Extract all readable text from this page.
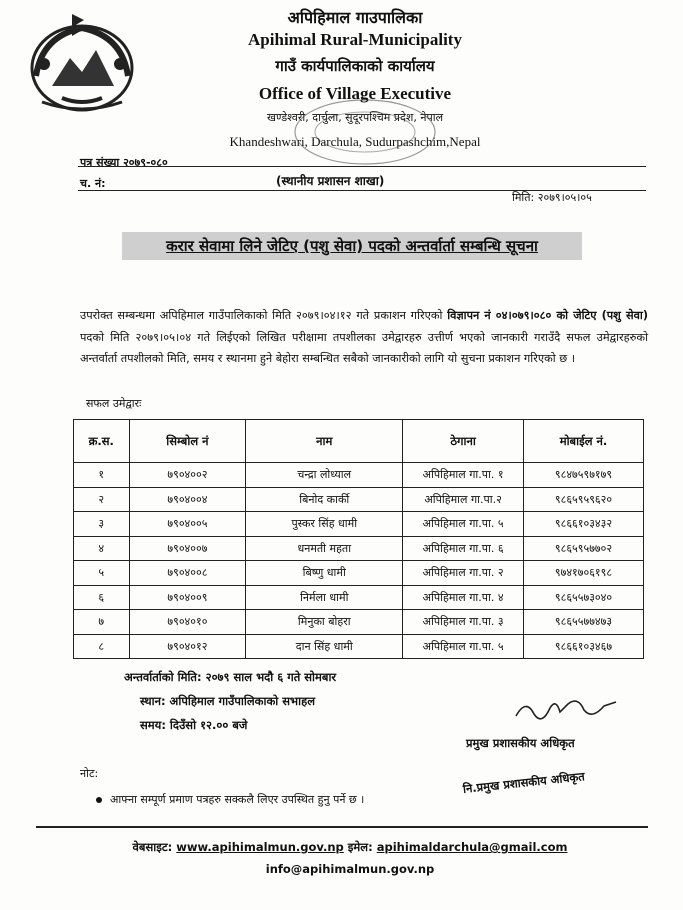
अपिहिमाल गाउपालिका
Apihimal Rural-Municipality
गाउँ कार्यपालिकाको कार्यालय
Office of Village Executive
खण्डेश्वरी, दार्चुला, सुदूरपश्चिम प्रदेश, नेपाल
Khandeshwari, Darchula, Sudurpashchim,Nepal
पत्र संख्या २०७९-०८०
च. नं:	(स्थानीय प्रशासन शाखा)
मिति: २०७९।०५।०५
करार सेवामा लिने जेटिए (पशु सेवा) पदको अन्तर्वार्ता सम्बन्धि सूचना
उपरोक्त सम्बन्धमा अपिहिमाल गाउँपालिकाको मिति २०७९।०४।१२ गते प्रकाशन गरिएको विज्ञापन नं ०४।०७९।०८० को जेटिए (पशु सेवा) पदको मिति २०७९।०५।०४ गते लिईएको लिखित परीक्षामा तपशीलका उमेद्वारहरु उत्तीर्ण भएको जानकारी गराउँदै सफल उमेद्वारहरुको अन्तर्वार्ता तपशीलको मिति, समय र स्थानमा हुने बेहोरा सम्बन्धित सबैको जानकारीको लागि यो सुचना प्रकाशन गरिएको छ ।
सफल उमेद्वारः
क्र.स.	सिम्बोल नं	नाम	ठेगाना	मोबाईल नं.
१	७९०४००२	चन्द्रा लोध्याल	अपिहिमाल गा.पा. १	९८४७५९७१७९
२	७९०४००४	बिनोद कार्की	अपिहिमाल गा.पा.२	९८६५९५९६२०
३	७९०४००५	पुस्कर सिंह धामी	अपिहिमाल गा.पा. ५	९८६६१०३४३२
४	७९०४००७	धनमती महता	अपिहिमाल गा.पा. ६	९८६५९५७७०२
५	७९०४००८	बिष्णु धामी	अपिहिमाल गा.पा. २	९७४१७०६१९८
६	७९०४००९	निर्मला धामी	अपिहिमाल गा.पा. ४	९८६५५७३०४०
७	७९०४०१०	मिनुका बोहरा	अपिहिमाल गा.पा. ३	९८६५५७७४७३
८	७९०४०१२	दान सिंह धामी	अपिहिमाल गा.पा. ५	९८६६१०३४६७
अन्तर्वार्ताको मिति: २०७९ साल भदौ ६ गते सोमबार
स्थान: अपिहिमाल गाउँपालिकाको सभाहल
समय: दिउँसो १२.०० बजे
प्रमुख प्रशासकीय अधिकृत
नोट:
आफ्ना सम्पूर्ण प्रमाण पत्रहरु सक्कलै लिएर उपस्थित हुनु पर्ने छ ।
नि.प्रमुख प्रशासकीय अधिकृत
वेबसाइट: www.apihimalmun.gov.np इमेल: apihimaldarchula@gmail.com
info@apihimalmun.gov.np
